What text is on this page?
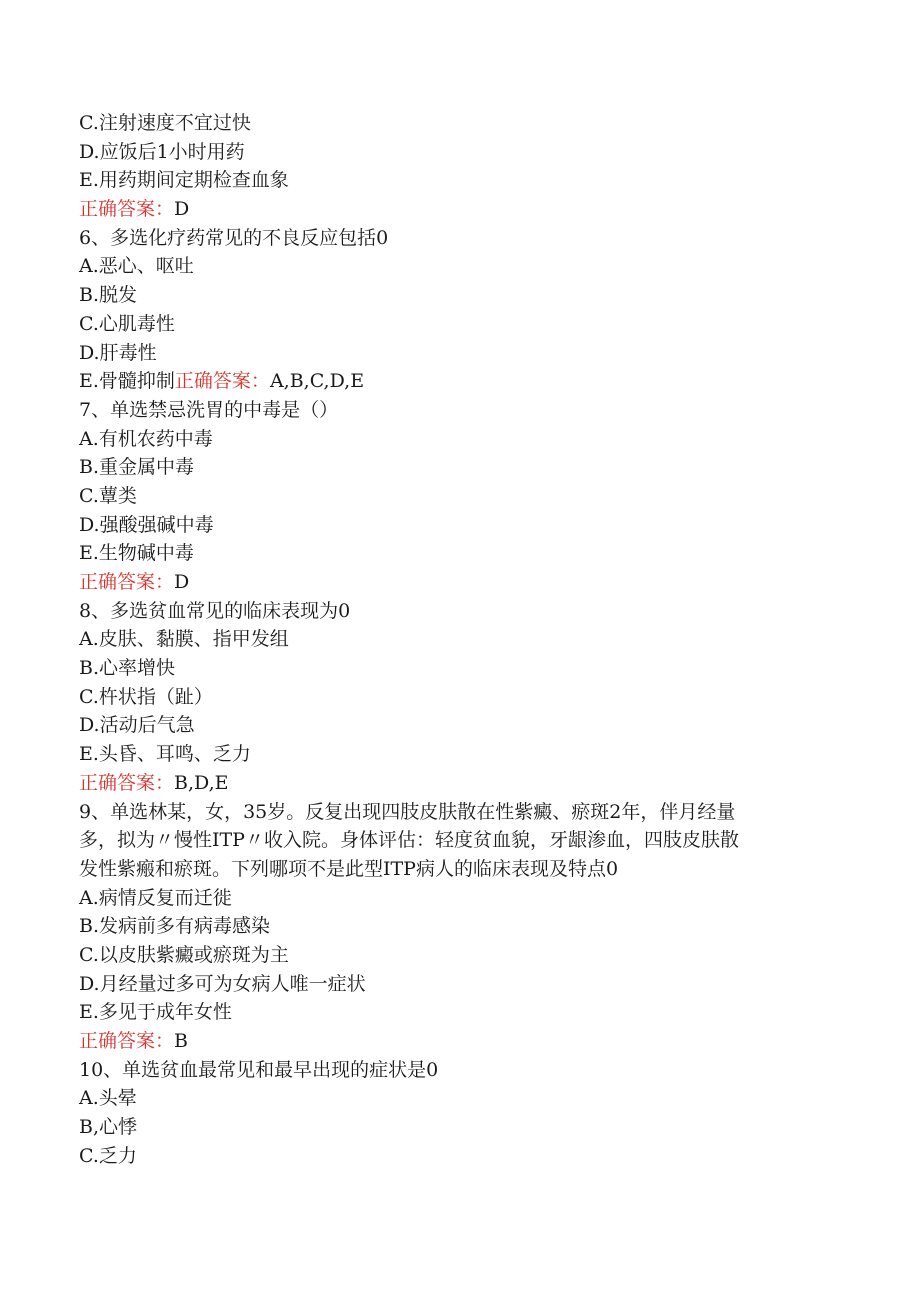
C.注射速度不宜过快
D.应饭后1小时用药
E.用药期间定期检查血象
正确答案：D
6、多选化疗药常见的不良反应包括0
A.恶心、呕吐
B.脱发
C.心肌毒性
D.肝毒性
E.骨髓抑制正确答案：A,B,C,D,E
7、单选禁忌洗胃的中毒是（）
A.有机农药中毒
B.重金属中毒
C.蕈类
D.强酸强碱中毒
E.生物碱中毒
正确答案：D
8、多选贫血常见的临床表现为0
A.皮肤、黏膜、指甲发组
B.心率增快
C.杵状指（趾）
D.活动后气急
E.头昏、耳鸣、乏力
正确答案：B,D,E
9、单选林某，女，35岁。反复出现四肢皮肤散在性紫癜、瘀斑2年，伴月经量
多，拟为〃慢性ITP〃收入院。身体评估：轻度贫血貌，牙龈渗血，四肢皮肤散
发性紫瘢和瘀斑。下列哪项不是此型ITP病人的临床表现及特点0
A.病情反复而迁徙
B.发病前多有病毒感染
C.以皮肤紫癜或瘀斑为主
D.月经量过多可为女病人唯一症状
E.多见于成年女性
正确答案：B
10、单选贫血最常见和最早出现的症状是0
A.头晕
B,心悸
C.乏力
